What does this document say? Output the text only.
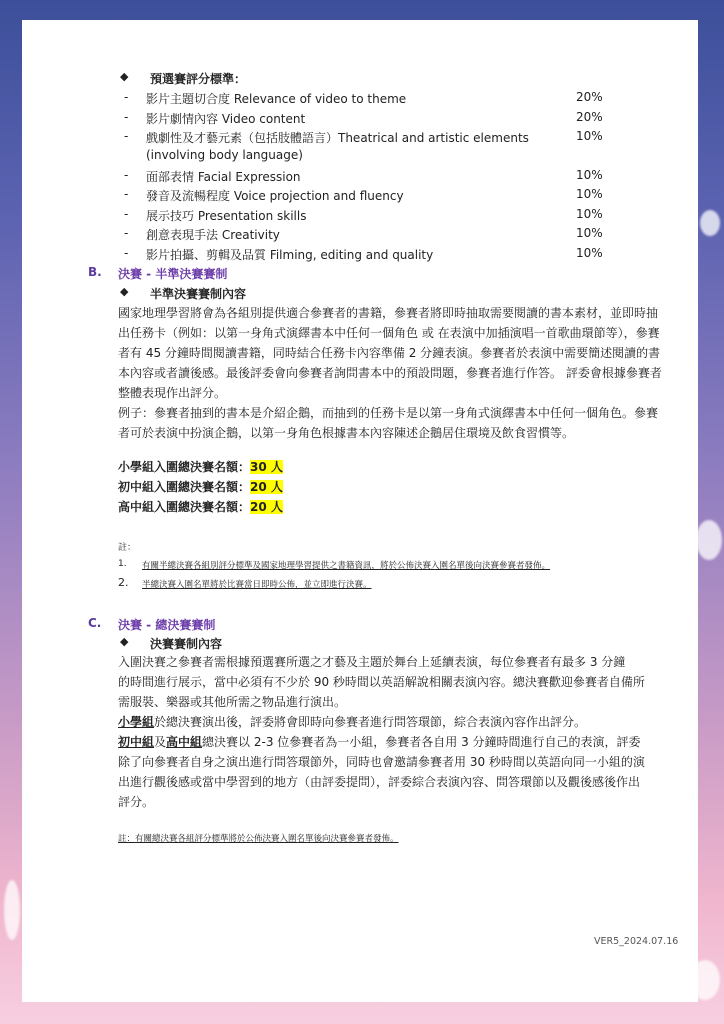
◆ 預選賽評分標準：
- 影片主題切合度 Relevance of video to theme	20%
- 影片劇情內容 Video content	20%
- 戲劇性及才藝元素（包括肢體語言）Theatrical and artistic elements	10%
(involving body language)
- 面部表情 Facial Expression	10%
- 發音及流暢程度 Voice projection and fluency	10%
- 展示技巧 Presentation skills	10%
- 創意表現手法 Creativity	10%
- 影片拍攝、剪輯及品質 Filming, editing and quality	10%
B. 決賽 - 半準決賽賽制
◆ 半準決賽賽制內容
國家地理學習將會為各組別提供適合參賽者的書籍，參賽者將即時抽取需要閱讀的書本素材，並即時抽
出任務卡（例如：以第一身角式演繹書本中任何一個角色 或 在表演中加插演唱一首歌曲環節等），參賽
者有 45 分鐘時間閱讀書籍，同時結合任務卡內容準備 2 分鐘表演。參賽者於表演中需要簡述閱讀的書
本內容或者讀後感。最後評委會向參賽者詢問書本中的預設問題，參賽者進行作答。 評委會根據參賽者
整體表現作出評分。
例子：參賽者抽到的書本是介紹企鵝，而抽到的任務卡是以第一身角式演繹書本中任何一個角色。參賽
者可於表演中扮演企鵝，以第一身角色根據書本內容陳述企鵝居住環境及飲食習慣等。
小學組入圍總決賽名額：30 人
初中組入圍總決賽名額：20 人
高中組入圍總決賽名額：20 人
註：
1. 有關半總決賽各組別評分標準及國家地理學習提供之書籍資訊，將於公佈決賽入圍名單後向決賽參賽者發佈。
2. 半總決賽入圍名單將於比賽當日即時公佈，並立即進行決賽。
C. 決賽 - 總決賽賽制
◆ 決賽賽制內容
入圍決賽之參賽者需根據預選賽所選之才藝及主題於舞台上延續表演，每位參賽者有最多 3 分鐘
的時間進行展示，當中必須有不少於 90 秒時間以英語解說相關表演內容。總決賽歡迎參賽者自備所
需服裝、樂器或其他所需之物品進行演出。
小學組於總決賽演出後，評委將會即時向參賽者進行問答環節，綜合表演內容作出評分。
初中組及高中組總決賽以 2-3 位參賽者為一小組，參賽者各自用 3 分鐘時間進行自己的表演，評委
除了向參賽者自身之演出進行問答環節外，同時也會邀請參賽者用 30 秒時間以英語向同一小組的演
出進行觀後感或當中學習到的地方（由評委提問），評委綜合表演內容、問答環節以及觀後感後作出
評分。
註：有關總決賽各組評分標準將於公佈決賽入圍名單後向決賽參賽者發佈。
VER5_2024.07.16
